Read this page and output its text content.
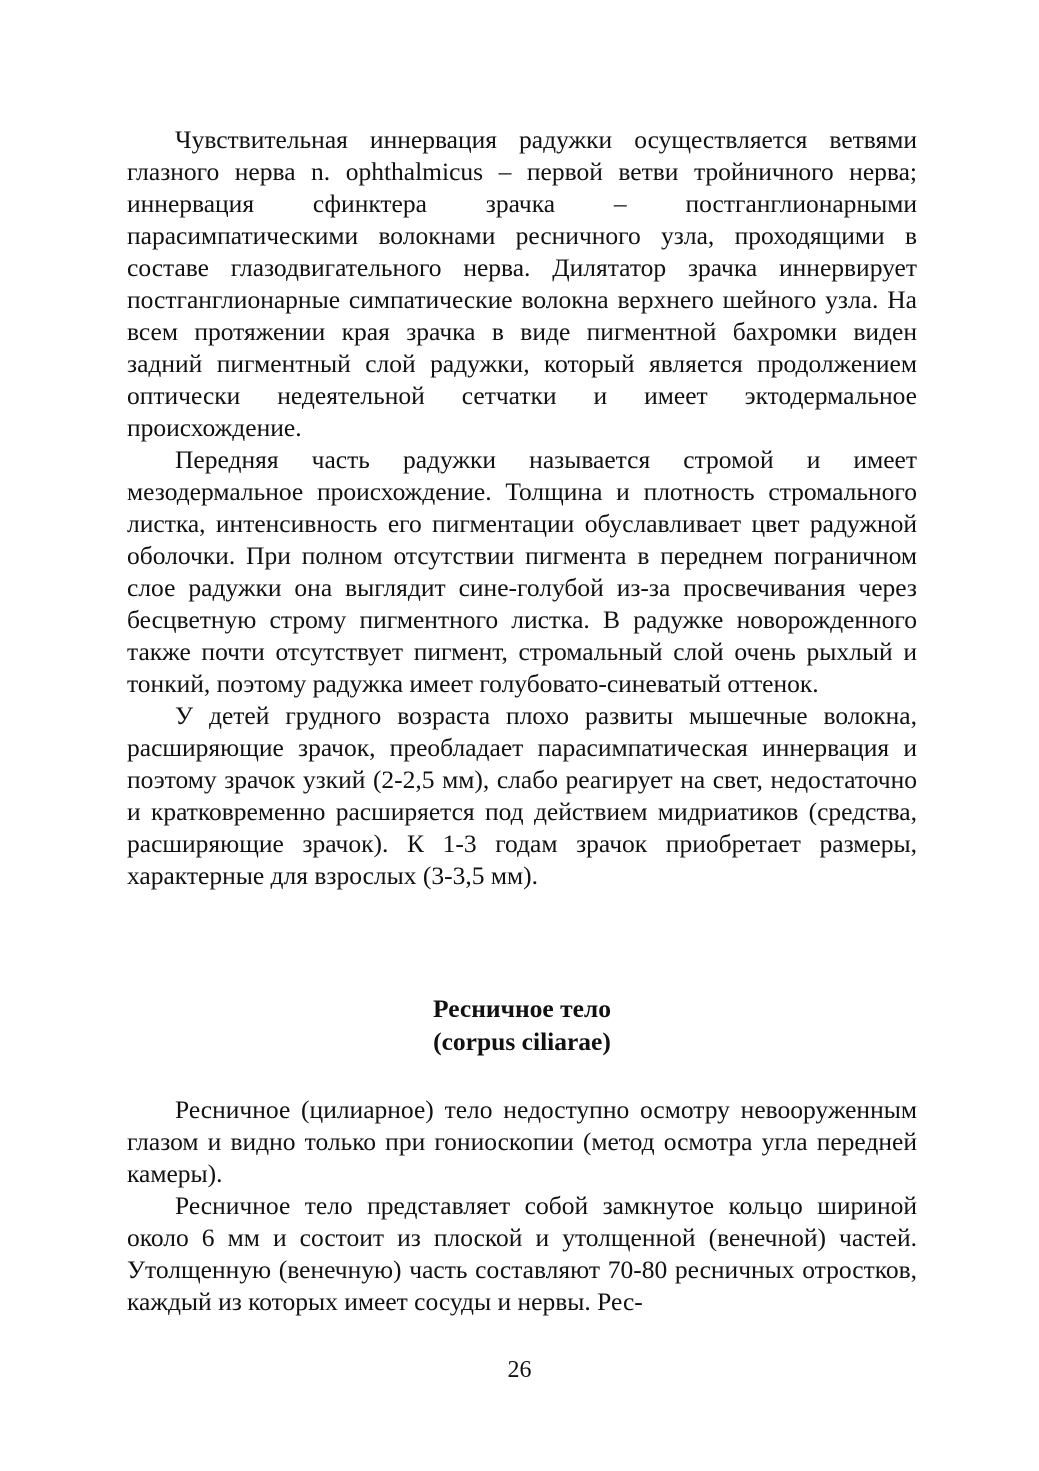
Чувствительная иннервация радужки осуществляется ветвями глазного нерва n. ophthalmicus – первой ветви тройничного нерва; иннервация сфинктера зрачка – постганглионарными парасимпатическими волокнами ресничного узла, проходящими в составе глазодвигательного нерва. Дилятатор зрачка иннервирует постганглионарные симпатические волокна верхнего шейного узла. На всем протяжении края зрачка в виде пигментной бахромки виден задний пигментный слой радужки, который является продолжением оптически недеятельной сетчатки и имеет эктодермальное происхождение.

Передняя часть радужки называется стромой и имеет мезодермальное происхождение. Толщина и плотность стромального листка, интенсивность его пигментации обуславливает цвет радужной оболочки. При полном отсутствии пигмента в переднем пограничном слое радужки она выглядит сине-голубой из-за просвечивания через бесцветную строму пигментного листка. В радужке новорожденного также почти отсутствует пигмент, стромальный слой очень рыхлый и тонкий, поэтому радужка имеет голубовато-синеватый оттенок.

У детей грудного возраста плохо развиты мышечные волокна, расширяющие зрачок, преобладает парасимпатическая иннервация и поэтому зрачок узкий (2-2,5 мм), слабо реагирует на свет, недостаточно и кратковременно расширяется под действием мидриатиков (средства, расширяющие зрачок). К 1-3 годам зрачок приобретает размеры, характерные для взрослых (3-3,5 мм).

Ресничное тело

(corpus ciliarae)

Ресничное (цилиарное) тело недоступно осмотру невооруженным глазом и видно только при гониоскопии (метод осмотра угла передней камеры).

Ресничное тело представляет собой замкнутое кольцо шириной около 6 мм и состоит из плоской и утолщенной (венечной) частей. Утолщенную (венечную) часть составляют 70-80 ресничных отростков, каждый из которых имеет сосуды и нервы. Рес-

26
